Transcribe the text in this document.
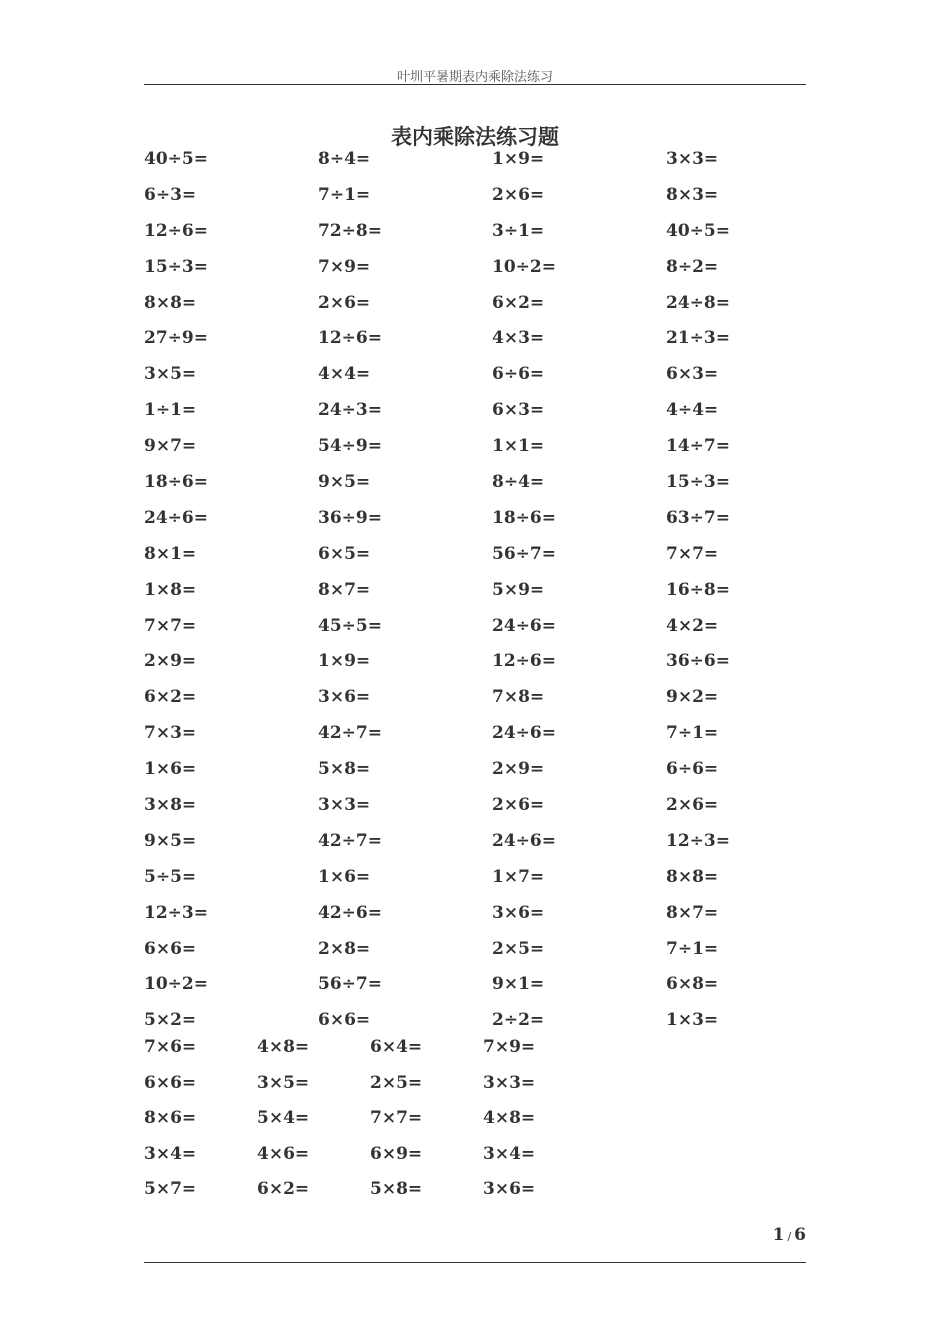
叶圳平暑期表内乘除法练习
表内乘除法练习题
40÷5=	8÷4=	1×9=	3×3=
6÷3=	7÷1=	2×6=	8×3=
12÷6=	72÷8=	3÷1=	40÷5=
15÷3=	7×9=	10÷2=	8÷2=
8×8=	2×6=	6×2=	24÷8=
27÷9=	12÷6=	4×3=	21÷3=
3×5=	4×4=	6÷6=	6×3=
1÷1=	24÷3=	6×3=	4÷4=
9×7=	54÷9=	1×1=	14÷7=
18÷6=	9×5=	8÷4=	15÷3=
24÷6=	36÷9=	18÷6=	63÷7=
8×1=	6×5=	56÷7=	7×7=
1×8=	8×7=	5×9=	16÷8=
7×7=	45÷5=	24÷6=	4×2=
2×9=	1×9=	12÷6=	36÷6=
6×2=	3×6=	7×8=	9×2=
7×3=	42÷7=	24÷6=	7÷1=
1×6=	5×8=	2×9=	6÷6=
3×8=	3×3=	2×6=	2×6=
9×5=	42÷7=	24÷6=	12÷3=
5÷5=	1×6=	1×7=	8×8=
12÷3=	42÷6=	3×6=	8×7=
6×6=	2×8=	2×5=	7÷1=
10÷2=	56÷7=	9×1=	6×8=
5×2=	6×6=	2÷2=	1×3=
7×6=	4×8=	6×4=	7×9=
6×6=	3×5=	2×5=	3×3=
8×6=	5×4=	7×7=	4×8=
3×4=	4×6=	6×9=	3×4=
5×7=	6×2=	5×8=	3×6=
1 / 6
